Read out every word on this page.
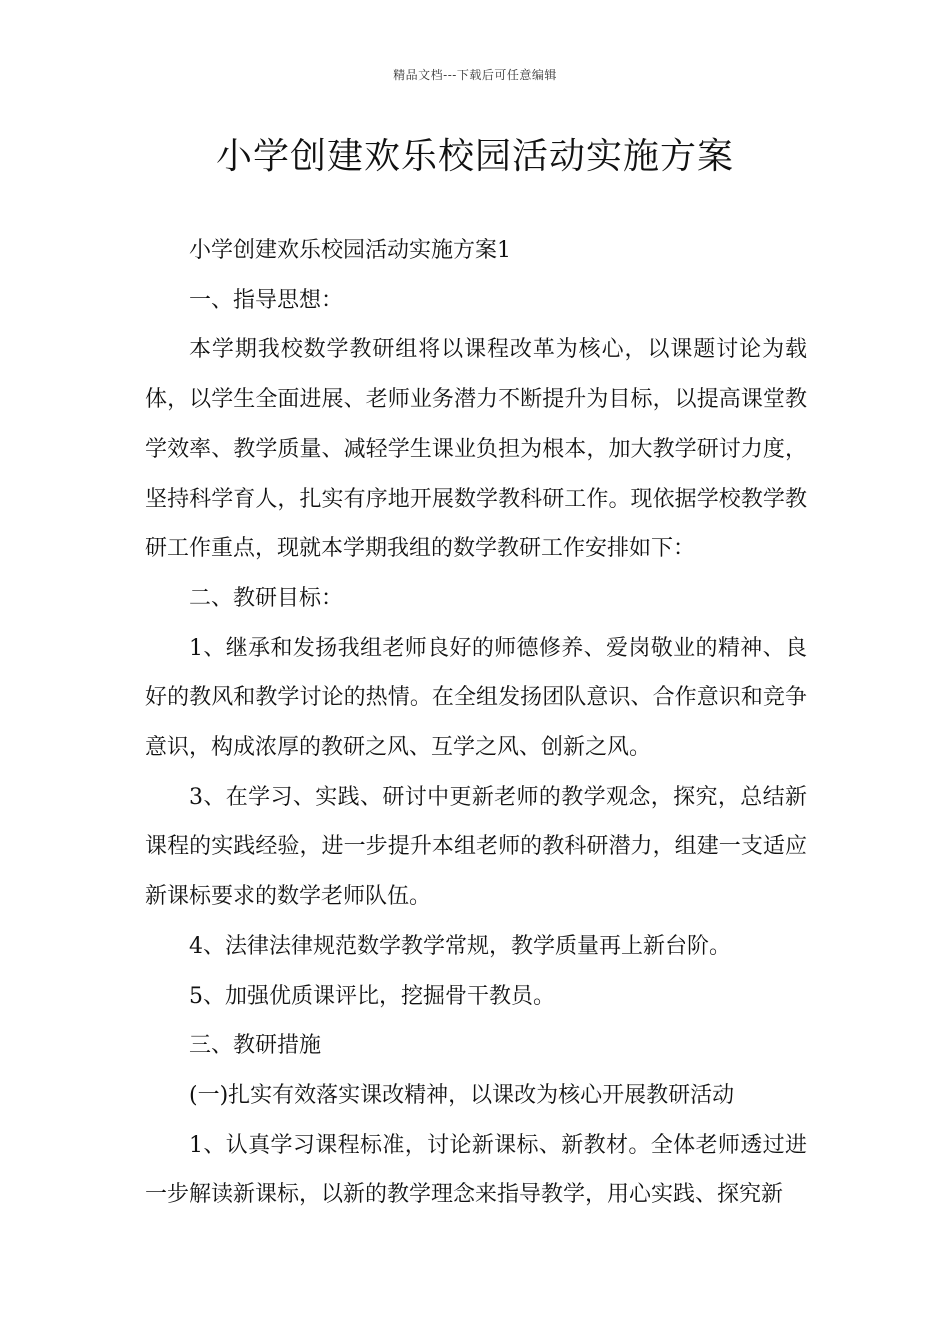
精品文档---下载后可任意编辑
小学创建欢乐校园活动实施方案

小学创建欢乐校园活动实施方案1

一、指导思想：

本学期我校数学教研组将以课程改革为核心，以课题讨论为载体，以学生全面进展、老师业务潜力不断提升为目标，以提高课堂教学效率、教学质量、减轻学生课业负担为根本，加大教学研讨力度，坚持科学育人，扎实有序地开展数学教科研工作。现依据学校教学教研工作重点，现就本学期我组的数学教研工作安排如下：

二、教研目标：

1、继承和发扬我组老师良好的师德修养、爱岗敬业的精神、良好的教风和教学讨论的热情。在全组发扬团队意识、合作意识和竞争意识，构成浓厚的教研之风、互学之风、创新之风。

3、在学习、实践、研讨中更新老师的教学观念，探究，总结新课程的实践经验，进一步提升本组老师的教科研潜力，组建一支适应新课标要求的数学老师队伍。

4、法律法律规范数学教学常规，教学质量再上新台阶。

5、加强优质课评比，挖掘骨干教员。

三、教研措施

(一)扎实有效落实课改精神，以课改为核心开展教研活动

1、认真学习课程标准，讨论新课标、新教材。全体老师透过进一步解读新课标，以新的教学理念来指导教学，用心实践、探究新
